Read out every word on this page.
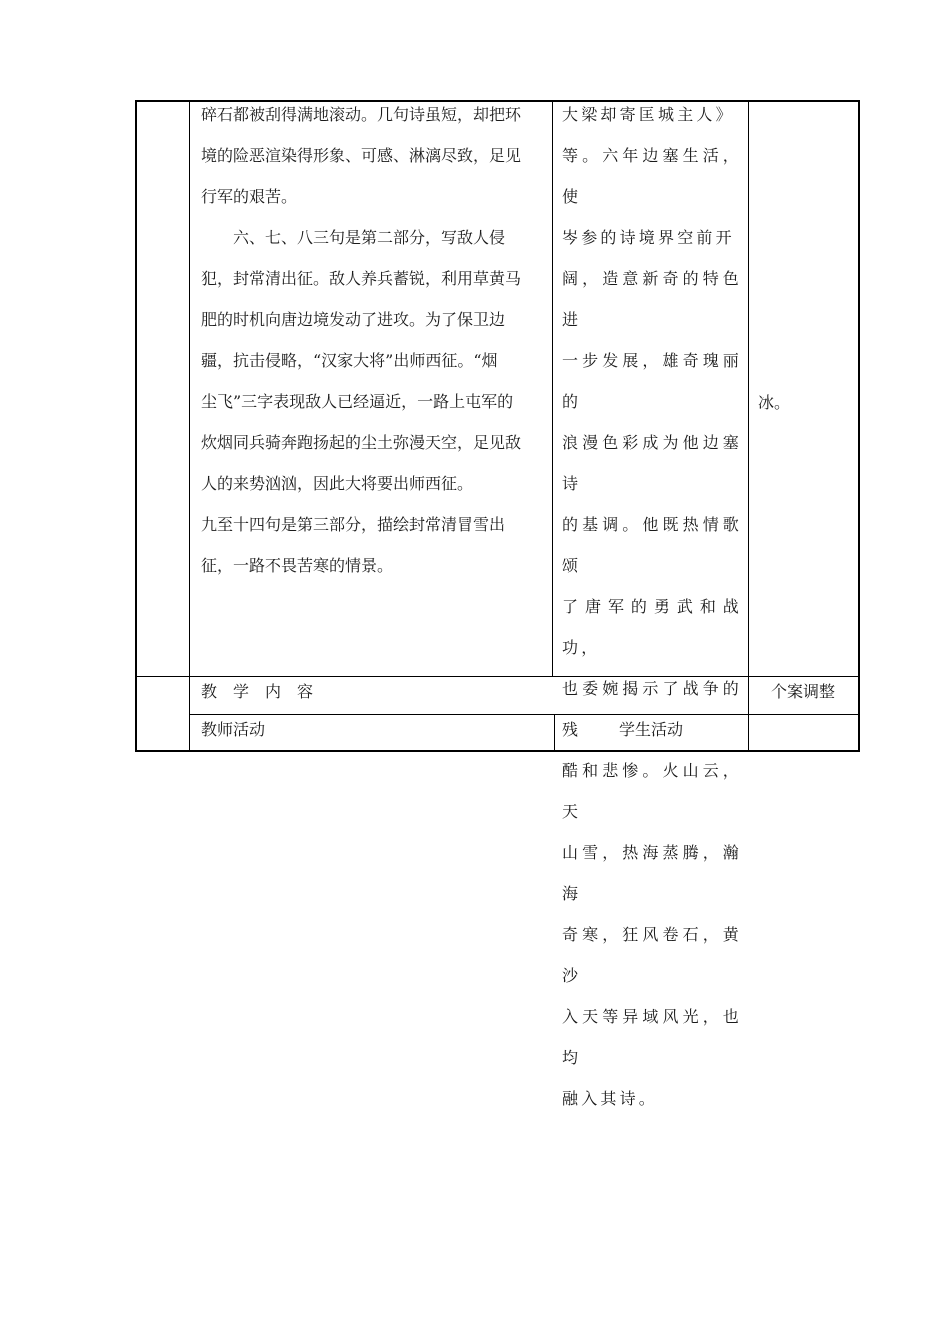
碎石都被刮得满地滚动。几句诗虽短，却把环

境的险恶渲染得形象、可感、淋漓尽致，足见

行军的艰苦。

六、七、八三句是第二部分，写敌人侵

犯，封常清出征。敌人养兵蓄锐，利用草黄马

肥的时机向唐边境发动了进攻。为了保卫边

疆，抗击侵略，“汉家大将”出师西征。“烟

尘飞”三字表现敌人已经逼近，一路上屯军的

炊烟同兵骑奔跑扬起的尘土弥漫天空，足见敌

人的来势汹汹，因此大将要出师西征。

九至十四句是第三部分，描绘封常清冒雪出

征，一路不畏苦寒的情景。

大梁却寄匡城主人》

等。六年边塞生活，使

岑参的诗境界空前开

阔，造意新奇的特色进

一步发展，雄奇瑰丽的

浪漫色彩成为他边塞诗

的基调。他既热情歌颂

了唐军的勇武和战功，

也委婉揭示了战争的残

酷和悲惨。火山云，天

山雪，热海蒸腾，瀚海

奇寒，狂风卷石，黄沙

入天等异域风光，也均

融入其诗。

冰。

教　学　内　容	个案调整
教师活动	学生活动
